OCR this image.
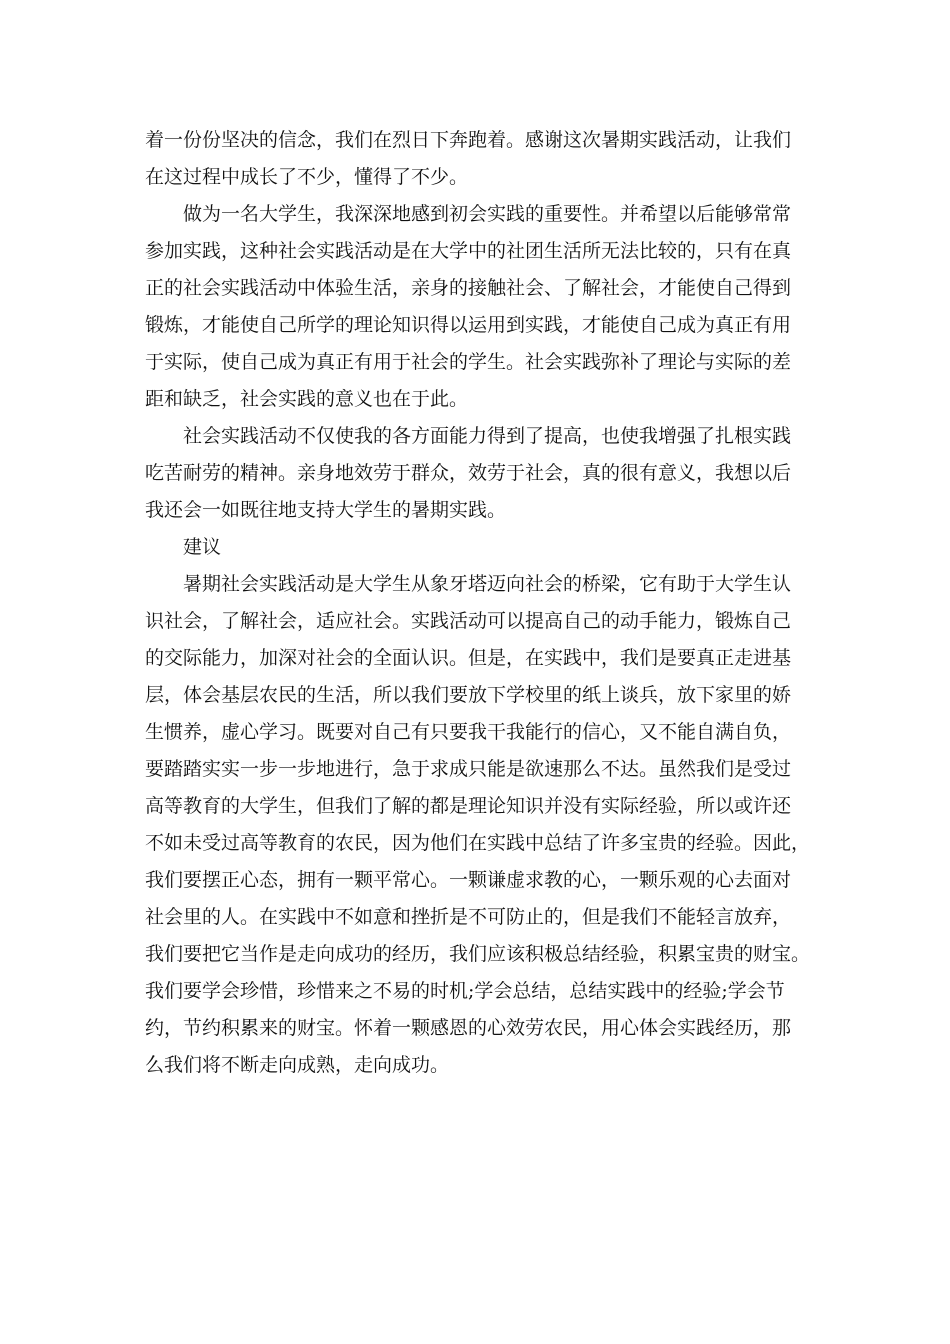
着一份份坚决的信念，我们在烈日下奔跑着。感谢这次暑期实践活动，让我们

在这过程中成长了不少，懂得了不少。

做为一名大学生，我深深地感到初会实践的重要性。并希望以后能够常常

参加实践，这种社会实践活动是在大学中的社团生活所无法比较的，只有在真

正的社会实践活动中体验生活，亲身的接触社会、了解社会，才能使自己得到

锻炼，才能使自己所学的理论知识得以运用到实践，才能使自己成为真正有用

于实际，使自己成为真正有用于社会的学生。社会实践弥补了理论与实际的差

距和缺乏，社会实践的意义也在于此。

社会实践活动不仅使我的各方面能力得到了提高，也使我增强了扎根实践

吃苦耐劳的精神。亲身地效劳于群众，效劳于社会，真的很有意义，我想以后

我还会一如既往地支持大学生的暑期实践。

建议

暑期社会实践活动是大学生从象牙塔迈向社会的桥梁，它有助于大学生认

识社会，了解社会，适应社会。实践活动可以提高自己的动手能力，锻炼自己

的交际能力，加深对社会的全面认识。但是，在实践中，我们是要真正走进基

层，体会基层农民的生活，所以我们要放下学校里的纸上谈兵，放下家里的娇

生惯养，虚心学习。既要对自己有只要我干我能行的信心，又不能自满自负，

要踏踏实实一步一步地进行，急于求成只能是欲速那么不达。虽然我们是受过

高等教育的大学生，但我们了解的都是理论知识并没有实际经验，所以或许还

不如未受过高等教育的农民，因为他们在实践中总结了许多宝贵的经验。因此，

我们要摆正心态，拥有一颗平常心。一颗谦虚求教的心，一颗乐观的心去面对

社会里的人。在实践中不如意和挫折是不可防止的，但是我们不能轻言放弃，

我们要把它当作是走向成功的经历，我们应该积极总结经验，积累宝贵的财宝。

我们要学会珍惜，珍惜来之不易的时机;学会总结，总结实践中的经验;学会节

约，节约积累来的财宝。怀着一颗感恩的心效劳农民，用心体会实践经历，那

么我们将不断走向成熟，走向成功。
